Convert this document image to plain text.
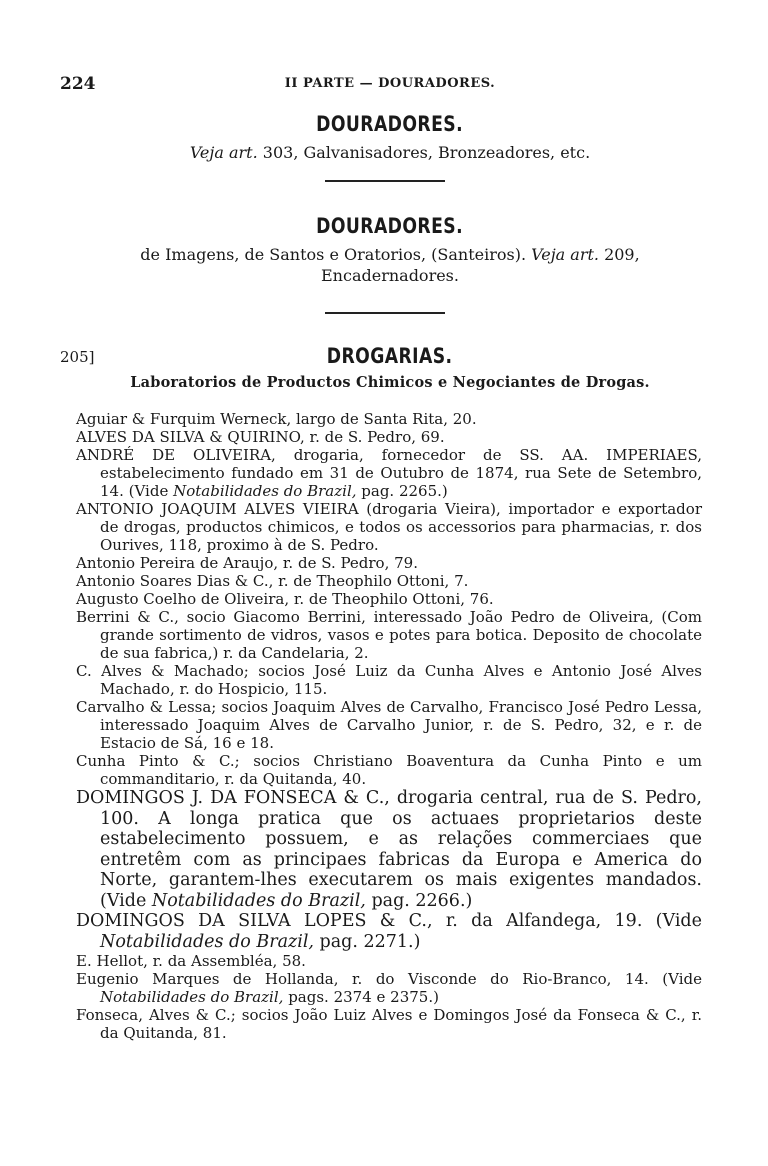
224	II PARTE — DOURADORES.
DOURADORES.
Veja art. 303, Galvanisadores, Bronzeadores, etc.
DOURADORES.
de Imagens, de Santos e Oratorios, (Santeiros). Veja art. 209,
Encadernadores.
205]	DROGARIAS.
Laboratorios de Productos Chimicos e Negociantes de Drogas.
Aguiar & Furquim Werneck, largo de Santa Rita, 20.
ALVES DA SILVA & QUIRINO, r. de S. Pedro, 69.
ANDRÉ DE OLIVEIRA, drogaria, fornecedor de SS. AA. IMPERIAES, estabelecimento fundado em 31 de Outubro de 1874, rua Sete de Setembro, 14. (Vide Notabilidades do Brazil, pag. 2265.)
ANTONIO JOAQUIM ALVES VIEIRA (drogaria Vieira), importador e exportador de drogas, productos chimicos, e todos os accessorios para pharmacias, r. dos Ourives, 118, proximo à de S. Pedro.
Antonio Pereira de Araujo, r. de S. Pedro, 79.
Antonio Soares Dias & C., r. de Theophilo Ottoni, 7.
Augusto Coelho de Oliveira, r. de Theophilo Ottoni, 76.
Berrini & C., socio Giacomo Berrini, interessado João Pedro de Oliveira, (Com grande sortimento de vidros, vasos e potes para botica. Deposito de chocolate de sua fabrica,) r. da Candelaria, 2.
C. Alves & Machado; socios José Luiz da Cunha Alves e Antonio José Alves Machado, r. do Hospicio, 115.
Carvalho & Lessa; socios Joaquim Alves de Carvalho, Francisco José Pedro Lessa, interessado Joaquim Alves de Carvalho Junior, r. de S. Pedro, 32, e r. de Estacio de Sá, 16 e 18.
Cunha Pinto & C.; socios Christiano Boaventura da Cunha Pinto e um commanditario, r. da Quitanda, 40.
DOMINGOS J. DA FONSECA & C., drogaria central, rua de S. Pedro, 100. A longa pratica que os actuaes proprietarios deste estabelecimento possuem, e as relações commerciaes que entretêm com as principaes fabricas da Europa e America do Norte, garantem-lhes executarem os mais exigentes mandados. (Vide Notabilidades do Brazil, pag. 2266.)
DOMINGOS DA SILVA LOPES & C., r. da Alfandega, 19. (Vide Notabilidades do Brazil, pag. 2271.)
E. Hellot, r. da Assembléa, 58.
Eugenio Marques de Hollanda, r. do Visconde do Rio-Branco, 14. (Vide Notabilidades do Brazil, pags. 2374 e 2375.)
Fonseca, Alves & C.; socios João Luiz Alves e Domingos José da Fonseca & C., r. da Quitanda, 81.
